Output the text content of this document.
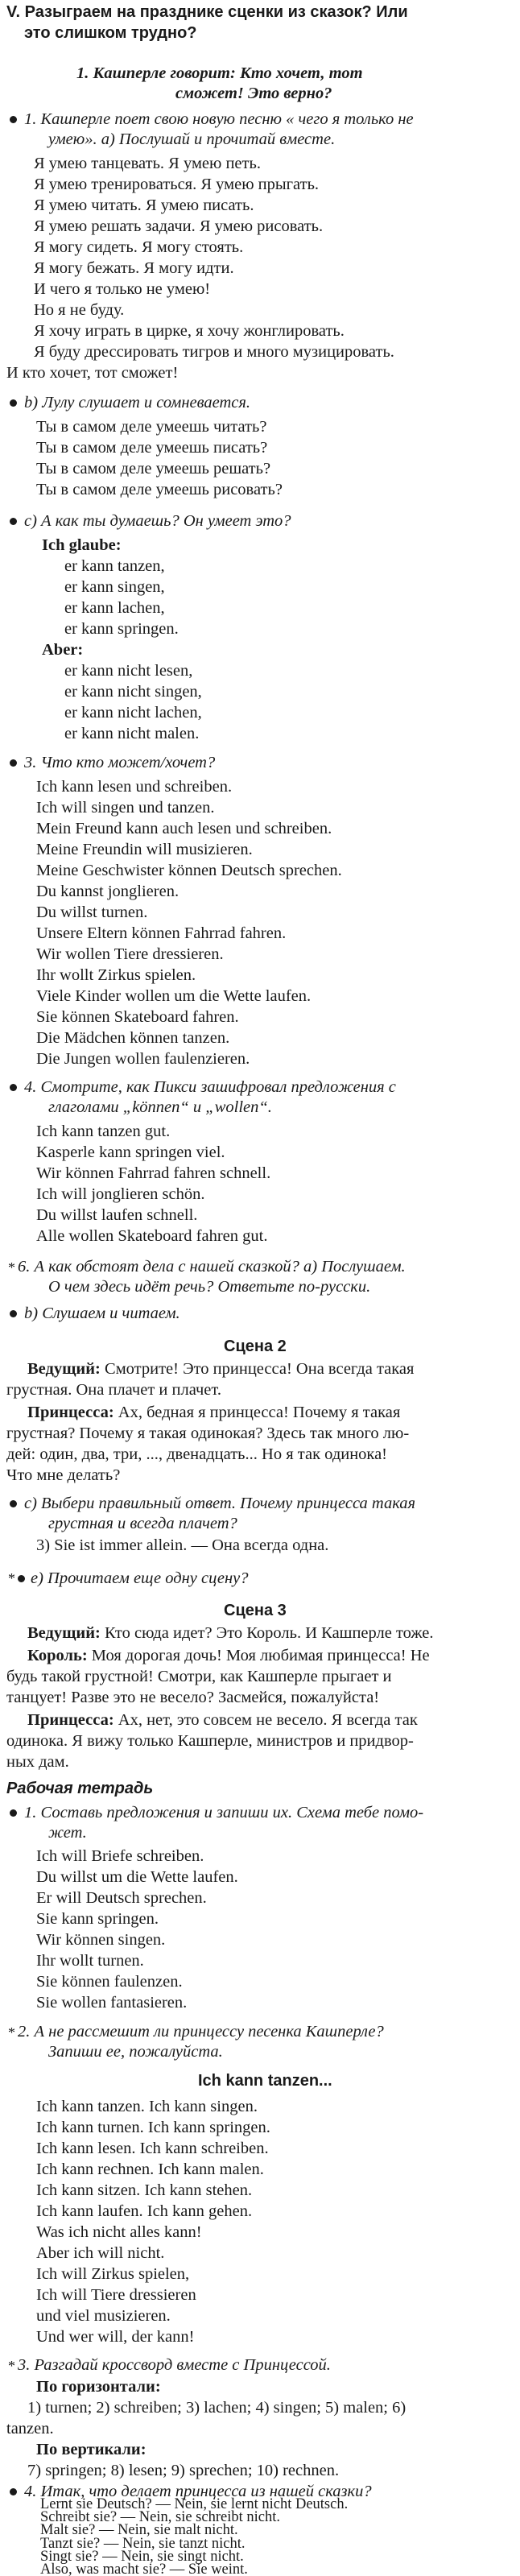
V. Разыграем на празднике сценки из сказок? Или
это слишком трудно?
1. Кашперле говорит: Кто хочет, тот
сможет! Это верно?
1. Кашперле поет свою новую песню « чего я только не
умею». а) Послушай и прочитай вместе.
Я умею танцевать. Я умею петь.
Я умею тренироваться. Я умею прыгать.
Я умею читать. Я умею писать.
Я умею решать задачи. Я умею рисовать.
Я могу сидеть. Я могу стоять.
Я могу бежать. Я могу идти.
И чего я только не умею!
Но я не буду.
Я хочу играть в цирке, я хочу жонглировать.
Я буду дрессировать тигров и много музицировать.
И кто хочет, тот сможет!
b) Лулу слушает и сомневается.
Ты в самом деле умеешь читать?
Ты в самом деле умеешь писать?
Ты в самом деле умеешь решать?
Ты в самом деле умеешь рисовать?
c) А как ты думаешь? Он умеет это?
Ich glaube:
er kann tanzen,
er kann singen,
er kann lachen,
er kann springen.
Aber:
er kann nicht lesen,
er kann nicht singen,
er kann nicht lachen,
er kann nicht malen.
3. Что кто может/хочет?
Ich kann lesen und schreiben.
Ich will singen und tanzen.
Mein Freund kann auch lesen und schreiben.
Meine Freundin will musizieren.
Meine Geschwister können Deutsch sprechen.
Du kannst jonglieren.
Du willst turnen.
Unsere Eltern können Fahrrad fahren.
Wir wollen Tiere dressieren.
Ihr wollt Zirkus spielen.
Viele Kinder wollen um die Wette laufen.
Sie können Skateboard fahren.
Die Mädchen können tanzen.
Die Jungen wollen faulenzieren.
4. Смотрите, как Пикси зашифровал предложения с
глаголами „können“ и „wollen“.
Ich kann tanzen gut.
Kasperle kann springen viel.
Wir können Fahrrad fahren schnell.
Ich will jonglieren schön.
Du willst laufen schnell.
Alle wollen Skateboard fahren gut.
* 6. А как обстоят дела с нашей сказкой? а) Послушаем.
О чем здесь идёт речь? Ответьте по-русски.
b) Слушаем и читаем.
Сцена 2
Ведущий: Смотрите! Это принцесса! Она всегда такая
грустная. Она плачет и плачет.
Принцесса: Ах, бедная я принцесса! Почему я такая
грустная? Почему я такая одинокая? Здесь так много лю-
дей: один, два, три, ..., двенадцать... Но я так одинока!
Что мне делать?
c) Выбери правильный ответ. Почему принцесса такая
грустная и всегда плачет?
3) Sie ist immer allein. — Она всегда одна.
* e) Прочитаем еще одну сцену?
Сцена 3
Ведущий: Кто сюда идет? Это Король. И Кашперле тоже.
Король: Моя дорогая дочь! Моя любимая принцесса! Не
будь такой грустной! Смотри, как Кашперле прыгает и
танцует! Разве это не весело? Засмейся, пожалуйста!
Принцесса: Ах, нет, это совсем не весело. Я всегда так
одинока. Я вижу только Кашперле, министров и придвор-
ных дам.
Рабочая тетрадь
1. Составь предложения и запиши их. Схема тебе помо-
жет.
Ich will Briefe schreiben.
Du willst um die Wette laufen.
Er will Deutsch sprechen.
Sie kann springen.
Wir können singen.
Ihr wollt turnen.
Sie können faulenzen.
Sie wollen fantasieren.
* 2. А не рассмешит ли принцессу песенка Кашперле?
Запиши ее, пожалуйста.
Ich kann tanzen...
Ich kann tanzen. Ich kann singen.
Ich kann turnen. Ich kann springen.
Ich kann lesen. Ich kann schreiben.
Ich kann rechnen. Ich kann malen.
Ich kann sitzen. Ich kann stehen.
Ich kann laufen. Ich kann gehen.
Was ich nicht alles kann!
Aber ich will nicht.
Ich will Zirkus spielen,
Ich will Tiere dressieren
und viel musizieren.
Und wer will, der kann!
* 3. Разгадай кроссворд вместе с Принцессой.
По горизонтали:
1) turnen; 2) schreiben; 3) lachen; 4) singen; 5) malen; 6)
tanzen.
По вертикали:
7) springen; 8) lesen; 9) sprechen; 10) rechnen.
4. Итак, что делает принцесса из нашей сказки?
Lernt sie Deutsch? — Nein, sie lernt nicht Deutsch.
Schreibt sie? — Nein, sie schreibt nicht.
Malt sie? — Nein, sie malt nicht.
Tanzt sie? — Nein, sie tanzt nicht.
Singt sie? — Nein, sie singt nicht.
Also, was macht sie? — Sie weint.
